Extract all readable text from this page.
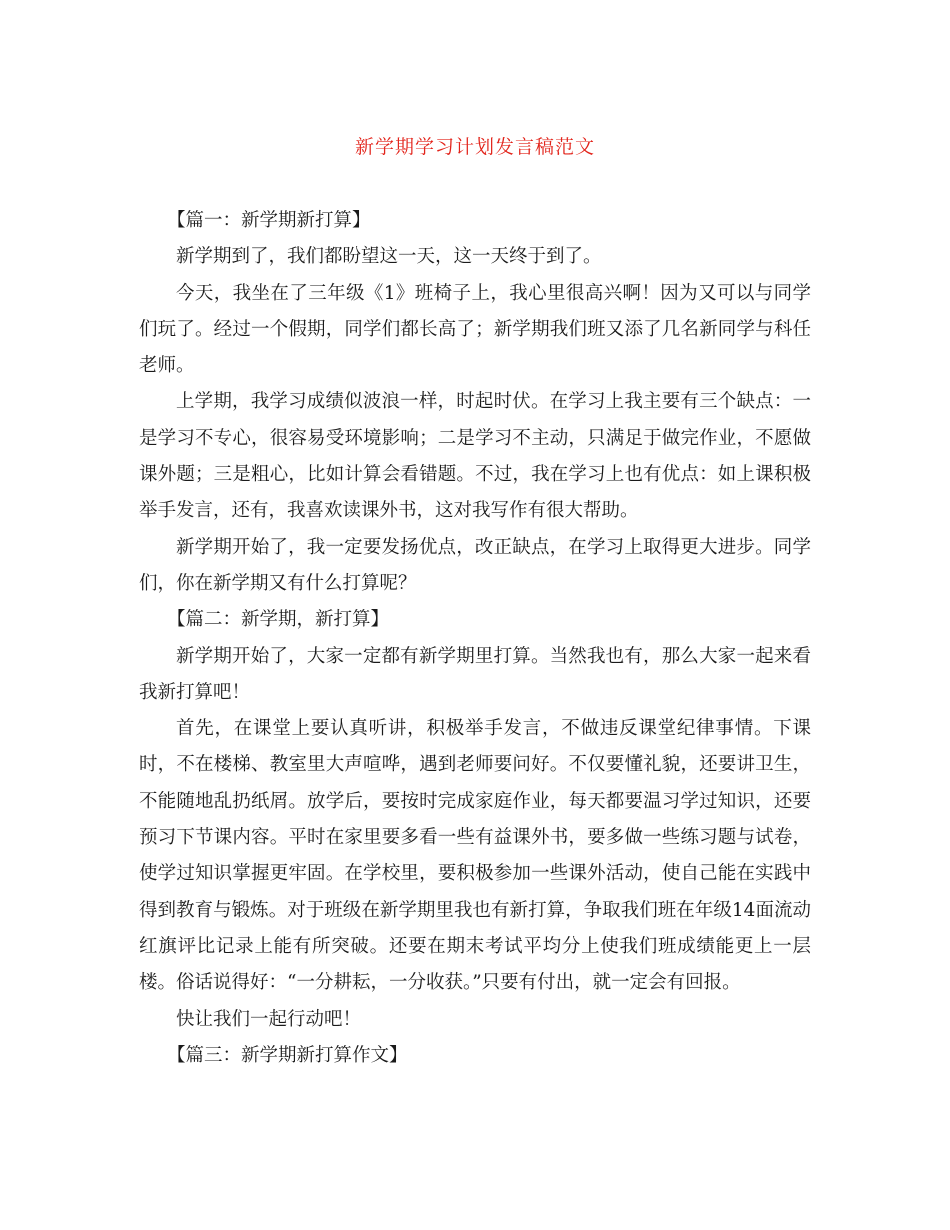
新学期学习计划发言稿范文

【篇一：新学期新打算】

新学期到了，我们都盼望这一天，这一天终于到了。

今天，我坐在了三年级《1》班椅子上，我心里很高兴啊！因为又可以与同学们玩了。经过一个假期，同学们都长高了；新学期我们班又添了几名新同学与科任老师。

上学期，我学习成绩似波浪一样，时起时伏。在学习上我主要有三个缺点：一是学习不专心，很容易受环境影响；二是学习不主动，只满足于做完作业，不愿做课外题；三是粗心，比如计算会看错题。不过，我在学习上也有优点：如上课积极举手发言，还有，我喜欢读课外书，这对我写作有很大帮助。

新学期开始了，我一定要发扬优点，改正缺点，在学习上取得更大进步。同学们，你在新学期又有什么打算呢？

【篇二：新学期，新打算】

新学期开始了，大家一定都有新学期里打算。当然我也有，那么大家一起来看我新打算吧！

首先，在课堂上要认真听讲，积极举手发言，不做违反课堂纪律事情。下课时，不在楼梯、教室里大声喧哗，遇到老师要问好。不仅要懂礼貌，还要讲卫生，不能随地乱扔纸屑。放学后，要按时完成家庭作业，每天都要温习学过知识，还要预习下节课内容。平时在家里要多看一些有益课外书，要多做一些练习题与试卷，使学过知识掌握更牢固。在学校里，要积极参加一些课外活动，使自己能在实践中得到教育与锻炼。对于班级在新学期里我也有新打算，争取我们班在年级14面流动红旗评比记录上能有所突破。还要在期末考试平均分上使我们班成绩能更上一层楼。俗话说得好：“一分耕耘，一分收获。”只要有付出，就一定会有回报。

快让我们一起行动吧！

【篇三：新学期新打算作文】
